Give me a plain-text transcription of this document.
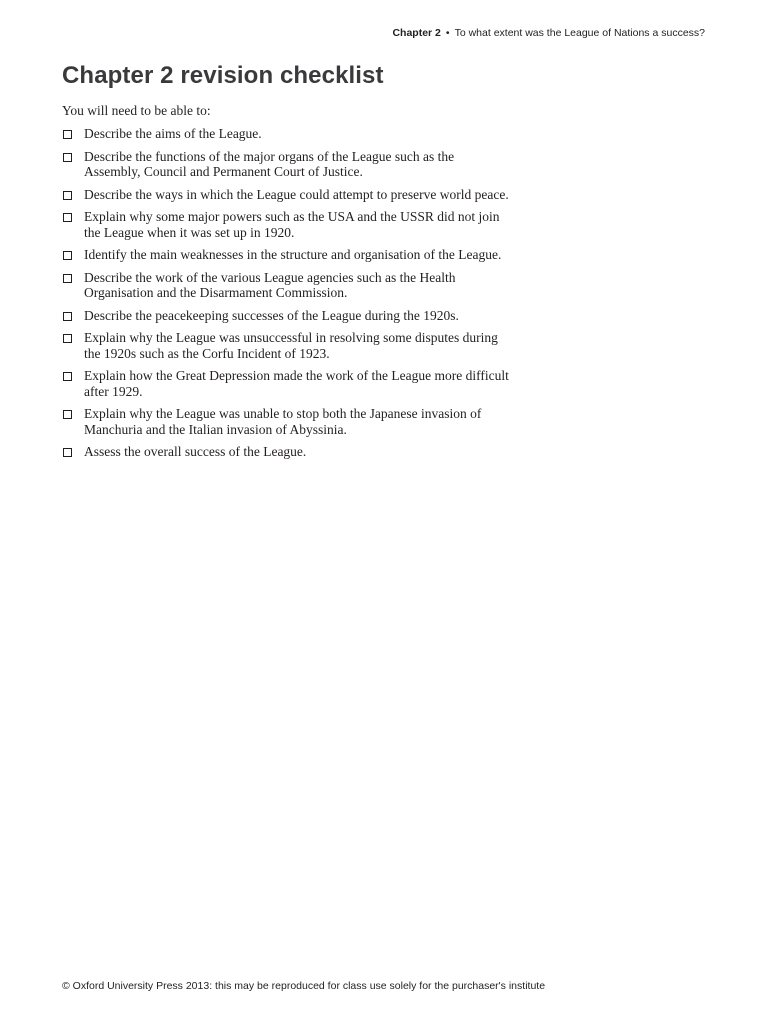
Chapter 2 • To what extent was the League of Nations a success?
Chapter 2 revision checklist

You will need to be able to:

Describe the aims of the League.
Describe the functions of the major organs of the League such as the Assembly, Council and Permanent Court of Justice.
Describe the ways in which the League could attempt to preserve world peace.
Explain why some major powers such as the USA and the USSR did not join the League when it was set up in 1920.
Identify the main weaknesses in the structure and organisation of the League.
Describe the work of the various League agencies such as the Health Organisation and the Disarmament Commission.
Describe the peacekeeping successes of the League during the 1920s.
Explain why the League was unsuccessful in resolving some disputes during the 1920s such as the Corfu Incident of 1923.
Explain how the Great Depression made the work of the League more difficult after 1929.
Explain why the League was unable to stop both the Japanese invasion of Manchuria and the Italian invasion of Abyssinia.
Assess the overall success of the League.

© Oxford University Press 2013: this may be reproduced for class use solely for the purchaser's institute
